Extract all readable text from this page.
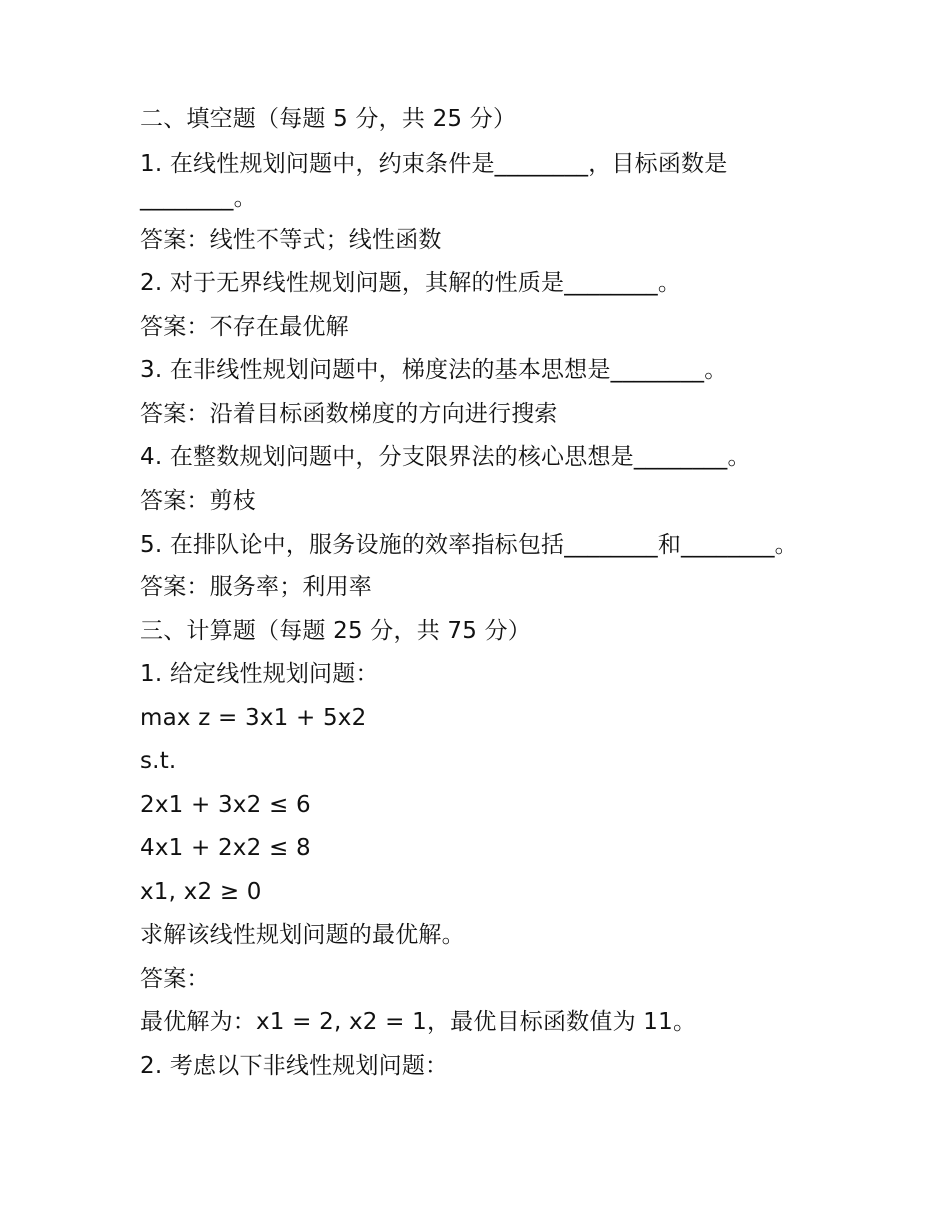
二、填空题（每题 5 分，共 25 分）
1. 在线性规划问题中，约束条件是________，目标函数是________。
答案：线性不等式；线性函数
2. 对于无界线性规划问题，其解的性质是________。
答案：不存在最优解
3. 在非线性规划问题中，梯度法的基本思想是________。
答案：沿着目标函数梯度的方向进行搜索
4. 在整数规划问题中，分支限界法的核心思想是________。
答案：剪枝
5. 在排队论中，服务设施的效率指标包括________和________。
答案：服务率；利用率
三、计算题（每题 25 分，共 75 分）
1. 给定线性规划问题：
max z = 3x1 + 5x2
s.t.
2x1 + 3x2 ≤ 6
4x1 + 2x2 ≤ 8
x1, x2 ≥ 0
求解该线性规划问题的最优解。
答案：
最优解为：x1 = 2, x2 = 1，最优目标函数值为 11。
2. 考虑以下非线性规划问题：
